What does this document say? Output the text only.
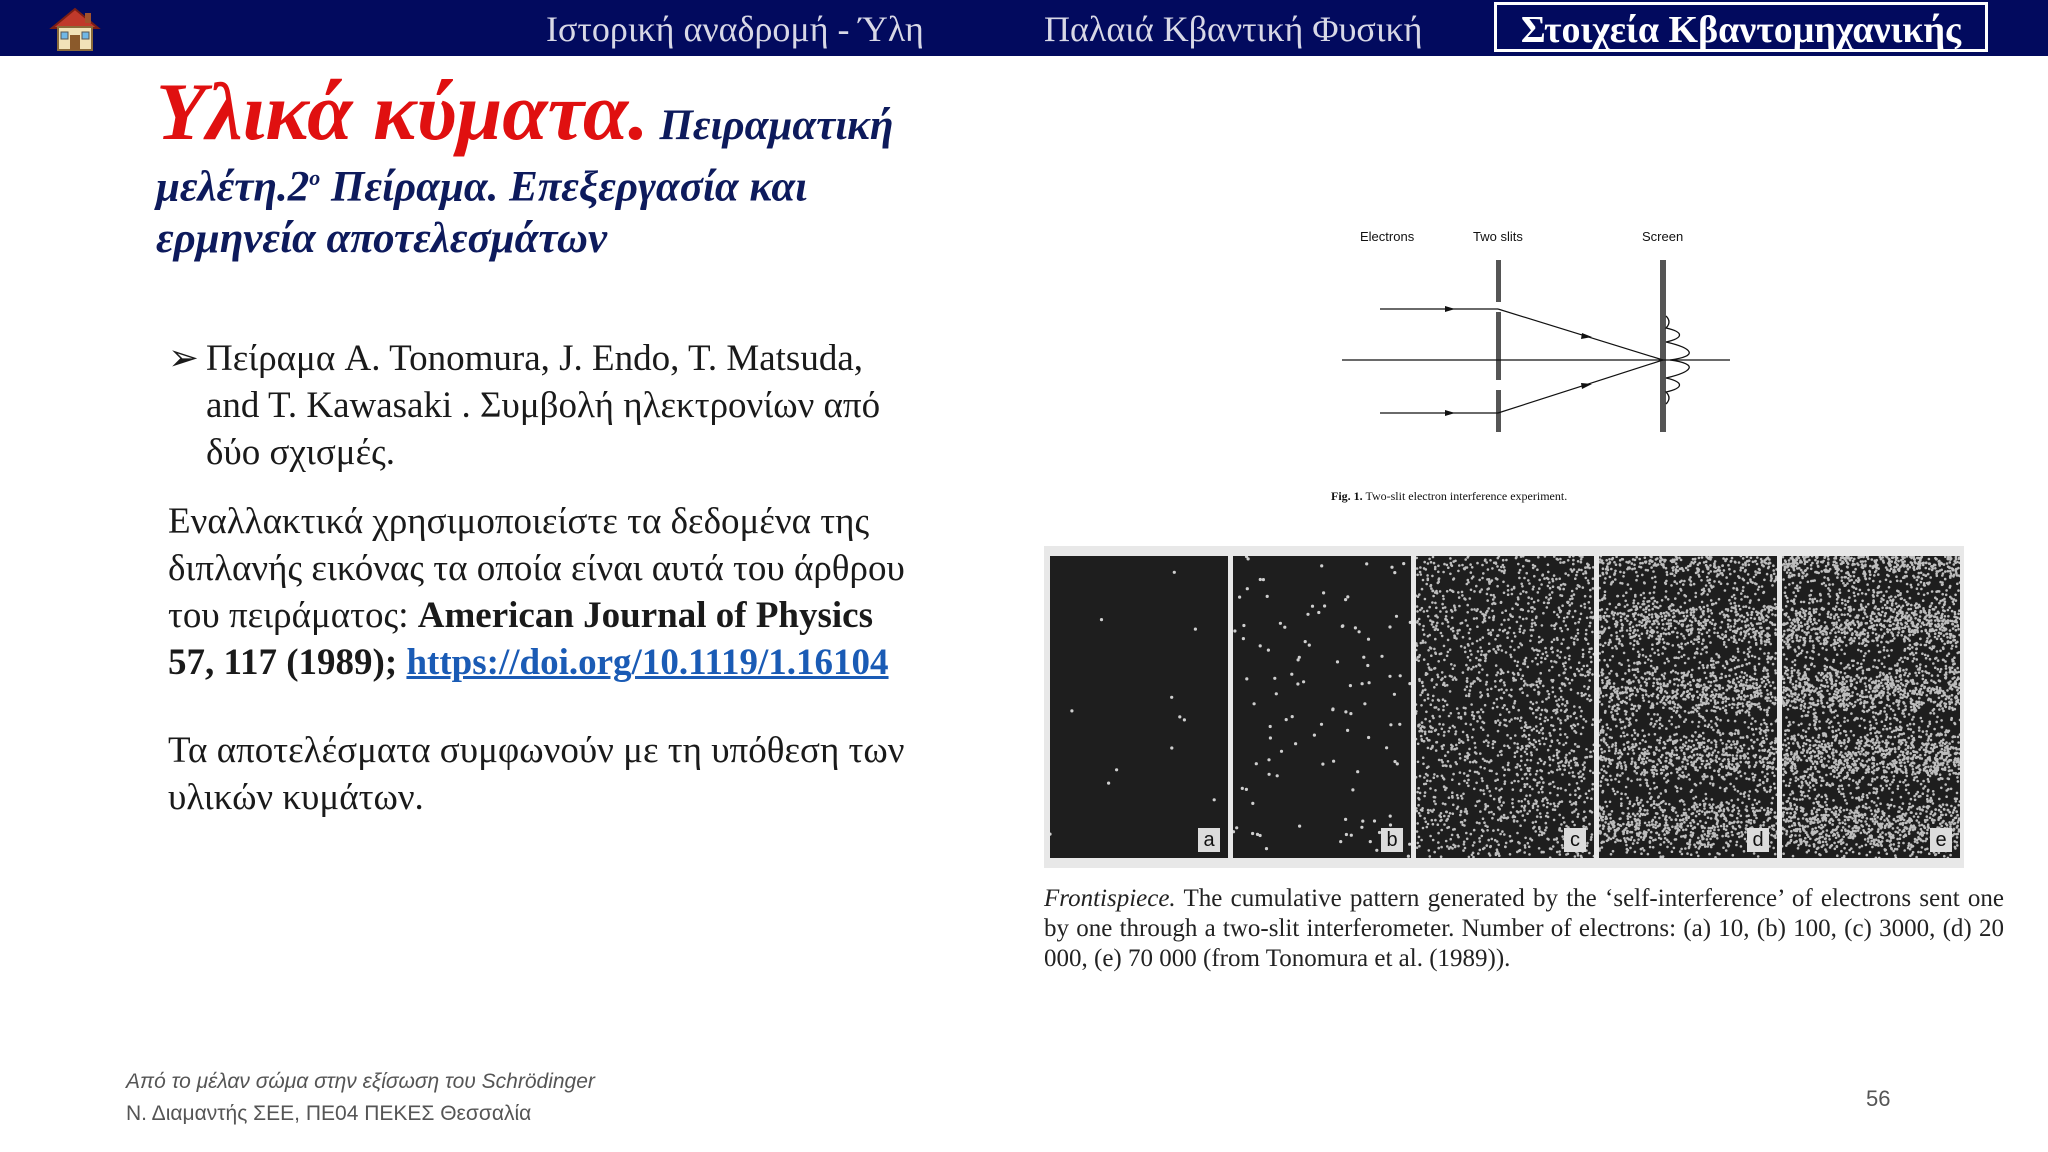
Ιστορική αναδρομή - Ύλη	Παλαιά Κβαντική Φυσική	Στοιχεία Κβαντομηχανικής
Υλικά κύματα. Πειραματική
$\mu\varepsilon\lambda έ\tau\eta.2^o$ Πείραμα. Επεξεργασία και
ερμηνεία αποτελεσμάτων
➢ Πείραμα A. Tonomura, J. Endo, T. Matsuda,
and T. Kawasaki . Συμβολή ηλεκτρονίων από
δύο σχισμές.
Εναλλακτικά χρησιμοποιείστε τα δεδομένα της
διπλανής εικόνας τα οποία είναι αυτά του άρθρου
του πειράματος: American Journal of Physics
57, 117 (1989); https://doi.org/10.1119/1.16104
Τα αποτελέσματα συμφωνούν με τη υπόθεση των
υλικών κυμάτων.
Electrons	Two slits	Screen
Fig. 1. Two-slit electron interference experiment.
a	b	c	d	e
Frontispiece. The cumulative pattern generated by the ‘self-interference’ of electrons sent one by one through a two-slit interferometer. Number of electrons: (a) 10, (b) 100, (c) 3000, (d) 20 000, (e) 70 000 (from Tonomura et al. (1989)).
Από το μέλαν σώμα στην εξίσωση του Schrödinger
Ν. Διαμαντής ΣΕΕ, ΠΕ04 ΠΕΚΕΣ Θεσσαλία
56
